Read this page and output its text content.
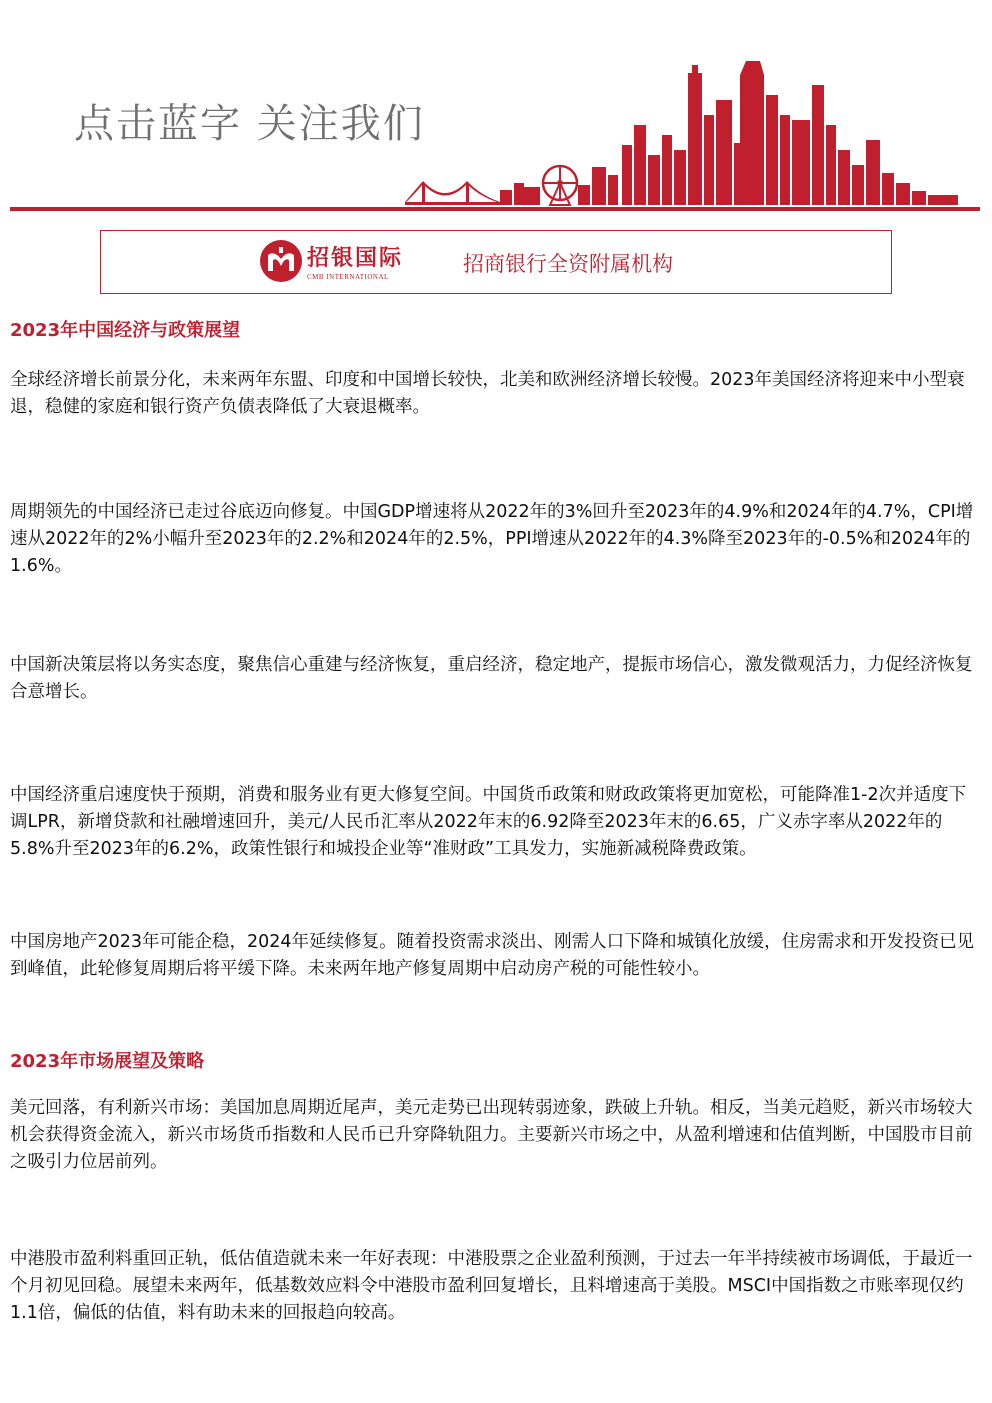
点击蓝字 关注我们
招银国际
CMB INTERNATIONAL
招商银行全资附属机构
2023年中国经济与政策展望

全球经济增长前景分化，未来两年东盟、印度和中国增长较快，北美和欧洲经济增长较慢。2023年美国经济将迎来中小型衰退，稳健的家庭和银行资产负债表降低了大衰退概率。

周期领先的中国经济已走过谷底迈向修复。中国GDP增速将从2022年的3%回升至2023年的4.9%和2024年的4.7%，CPI增速从2022年的2%小幅升至2023年的2.2%和2024年的2.5%，PPI增速从2022年的4.3%降至2023年的-0.5%和2024年的1.6%。

中国新决策层将以务实态度，聚焦信心重建与经济恢复，重启经济，稳定地产，提振市场信心，激发微观活力，力促经济恢复合意增长。

中国经济重启速度快于预期，消费和服务业有更大修复空间。中国货币政策和财政政策将更加宽松，可能降准1-2次并适度下调LPR，新增贷款和社融增速回升，美元/人民币汇率从2022年末的6.92降至2023年末的6.65，广义赤字率从2022年的5.8%升至2023年的6.2%，政策性银行和城投企业等“准财政”工具发力，实施新减税降费政策。

中国房地产2023年可能企稳，2024年延续修复。随着投资需求淡出、刚需人口下降和城镇化放缓，住房需求和开发投资已见到峰值，此轮修复周期后将平缓下降。未来两年地产修复周期中启动房产税的可能性较小。

2023年市场展望及策略

美元回落，有利新兴市场：美国加息周期近尾声，美元走势已出现转弱迹象，跌破上升轨。相反，当美元趋贬，新兴市场较大机会获得资金流入，新兴市场货币指数和人民币已升穿降轨阻力。主要新兴市场之中，从盈利增速和估值判断，中国股市目前之吸引力位居前列。

中港股市盈利料重回正轨，低估值造就未来一年好表现：中港股票之企业盈利预测，于过去一年半持续被市场调低，于最近一个月初见回稳。展望未来两年，低基数效应料令中港股市盈利回复增长，且料增速高于美股。MSCI中国指数之市账率现仅约1.1倍，偏低的估值，料有助未来的回报趋向较高。
